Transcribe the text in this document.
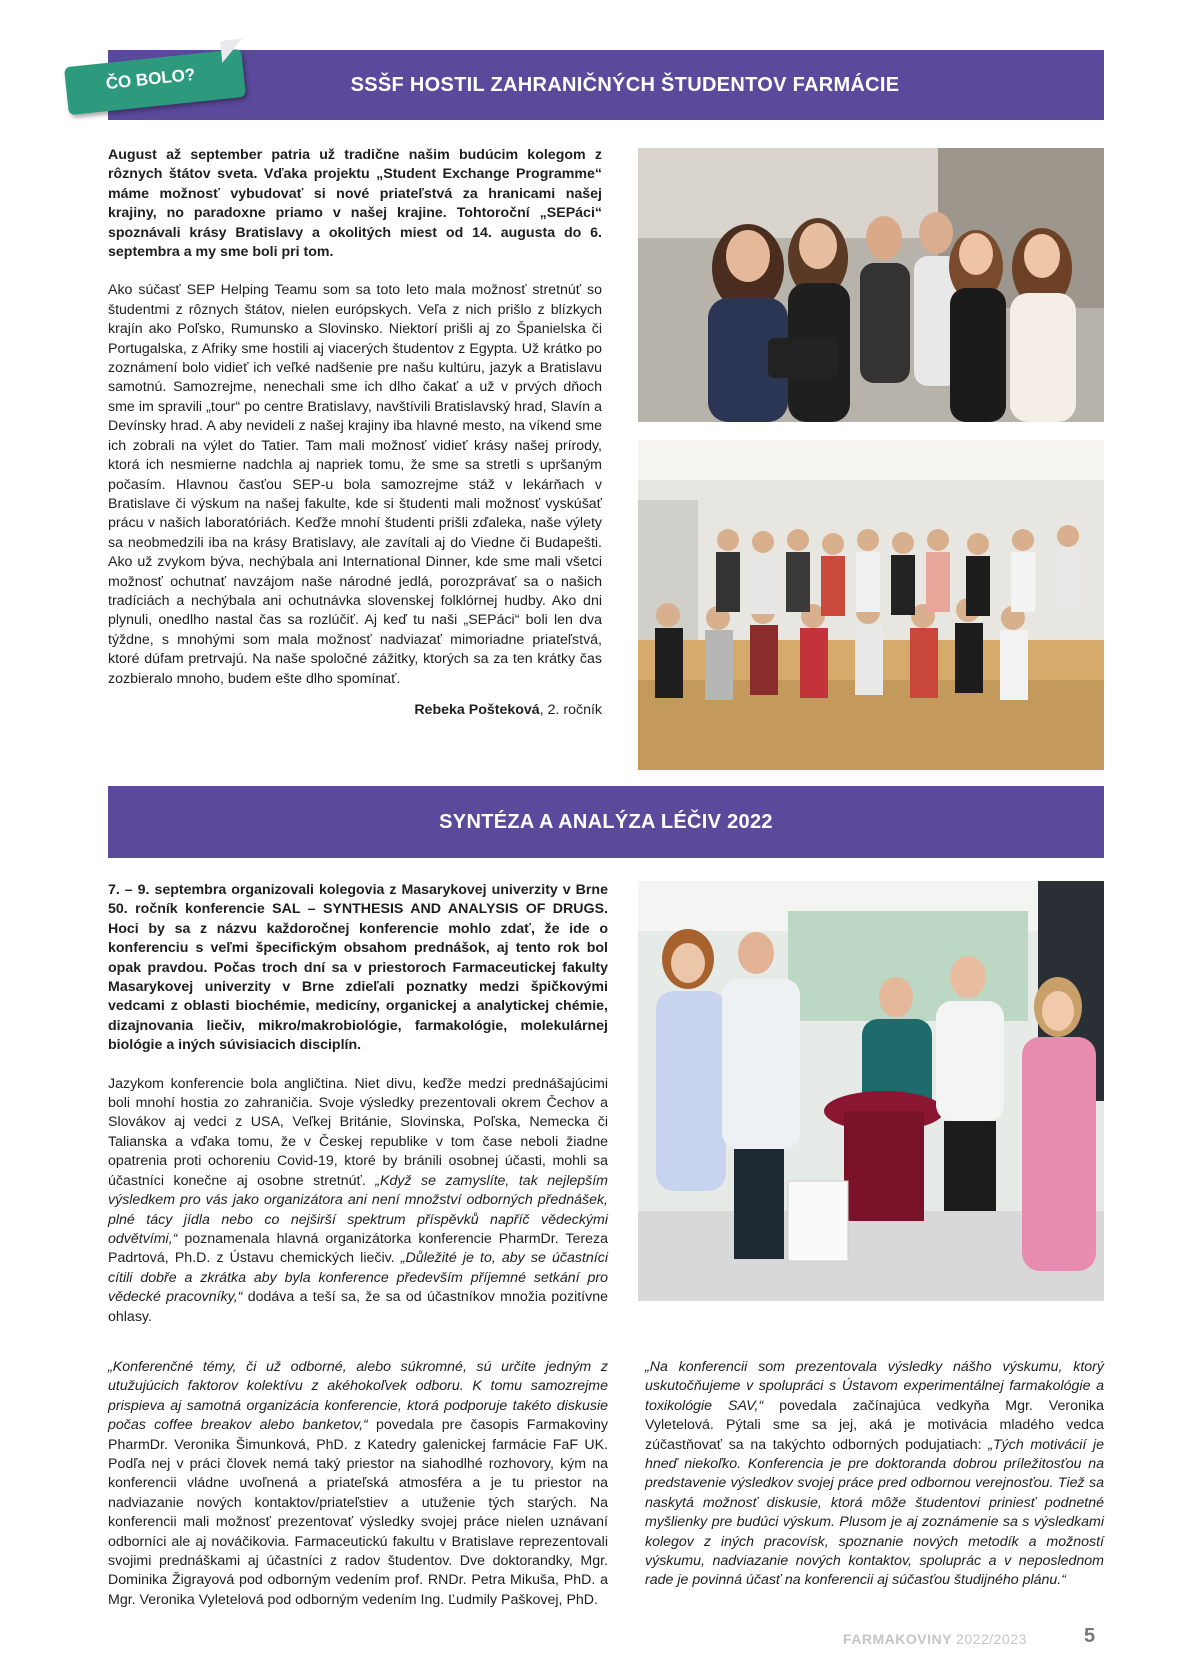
SSŠF HOSTIL ZAHRANIČNÝCH ŠTUDENTOV FARMÁCIE
ČO BOLO?

August až september patria už tradične našim budúcim kolegom z rôznych štátov sveta. Vďaka projektu „Student Exchange Programme“ máme možnosť vybudovať si nové priateľstvá za hranicami našej krajiny, no paradoxne priamo v našej krajine. Tohtoroční „SEPáci“ spoznávali krásy Bratislavy a okolitých miest od 14. augusta do 6. septembra a my sme boli pri tom.

Ako súčasť SEP Helping Teamu som sa toto leto mala možnosť stretnúť so študentmi z rôznych štátov, nielen európskych. Veľa z nich prišlo z blízkych krajín ako Poľsko, Rumunsko a Slovinsko. Niektorí prišli aj zo Španielska či Portugalska, z Afriky sme hostili aj viacerých študentov z Egypta. Už krátko po zoznámení bolo vidieť ich veľké nadšenie pre našu kultúru, jazyk a Bratislavu samotnú. Samozrejme, nenechali sme ich dlho čakať a už v prvých dňoch sme im spravili „tour“ po centre Bratislavy, navštívili Bratislavský hrad, Slavín a Devínsky hrad. A aby nevideli z našej krajiny iba hlavné mesto, na víkend sme ich zobrali na výlet do Tatier. Tam mali možnosť vidieť krásy našej prírody, ktorá ich nesmierne nadchla aj napriek tomu, že sme sa stretli s upršaným počasím. Hlavnou časťou SEP-u bola samozrejme stáž v lekárňach v Bratislave či výskum na našej fakulte, kde si študenti mali možnosť vyskúšať prácu v našich laboratóriách. Keďže mnohí študenti prišli zďaleka, naše výlety sa neobmedzili iba na krásy Bratislavy, ale zavítali aj do Viedne či Budapešti. Ako už zvykom býva, nechýbala ani International Dinner, kde sme mali všetci možnosť ochutnať navzájom naše národné jedlá, porozprávať sa o našich tradíciách a nechýbala ani ochutnávka slovenskej folklórnej hudby. Ako dni plynuli, onedlho nastal čas sa rozlúčiť. Aj keď tu naši „SEPáci“ boli len dva týždne, s mnohými som mala možnosť nadviazať mimoriadne priateľstvá, ktoré dúfam pretrvajú. Na naše spoločné zážitky, ktorých sa za ten krátky čas zozbieralo mnoho, budem ešte dlho spomínať.

Rebeka Pošteková, 2. ročník

SYNTÉZA A ANALÝZA LÉČIV 2022

7. – 9. septembra organizovali kolegovia z Masarykovej univerzity v Brne 50. ročník konferencie SAL – SYNTHESIS AND ANALYSIS OF DRUGS. Hoci by sa z názvu každoročnej konferencie mohlo zdať, že ide o konferenciu s veľmi špecifickým obsahom prednášok, aj tento rok bol opak pravdou. Počas troch dní sa v priestoroch Farmaceutickej fakulty Masarykovej univerzity v Brne zdieľali poznatky medzi špičkovými vedcami z oblasti biochémie, medicíny, organickej a analytickej chémie, dizajnovania liečiv, mikro/makrobiológie, farmakológie, molekulárnej biológie a iných súvisiacich disciplín.

Jazykom konferencie bola angličtina. Niet divu, keďže medzi prednášajúcimi boli mnohí hostia zo zahraničia. Svoje výsledky prezentovali okrem Čechov a Slovákov aj vedci z USA, Veľkej Británie, Slovinska, Poľska, Nemecka či Talianska a vďaka tomu, že v Českej republike v tom čase neboli žiadne opatrenia proti ochoreniu Covid-19, ktoré by bránili osobnej účasti, mohli sa účastníci konečne aj osobne stretnúť. „Když se zamyslíte, tak nejlepším výsledkem pro vás jako organizátora ani není množství odborných přednášek, plné tácy jídla nebo co nejširší spektrum příspěvků napříč vědeckými odvětvími,“ poznamenala hlavná organizátorka konferencie PharmDr. Tereza Padrtová, Ph.D. z Ústavu chemických liečiv. „Důležité je to, aby se účastníci cítili dobře a zkrátka aby byla konference především příjemné setkání pro vědecké pracovníky,“ dodáva a teší sa, že sa od účastníkov množia pozitívne ohlasy.

„Konferenčné témy, či už odborné, alebo súkromné, sú určite jedným z utužujúcich faktorov kolektívu z akéhokoľvek odboru. K tomu samozrejme prispieva aj samotná organizácia konferencie, ktorá podporuje takéto diskusie počas coffee breakov alebo banketov,“ povedala pre časopis Farmakoviny PharmDr. Veronika Šimunková, PhD. z Katedry galenickej farmácie FaF UK. Podľa nej v práci človek nemá taký priestor na siahodlhé rozhovory, kým na konferencii vládne uvoľnená a priateľská atmosféra a je tu priestor na nadviazanie nových kontaktov/priateľstiev a utuženie tých starých. Na konferencii mali možnosť prezentovať výsledky svojej práce nielen uznávaní odborníci ale aj nováčikovia. Farmaceutickú fakultu v Bratislave reprezentovali svojimi prednáškami aj účastníci z radov študentov. Dve doktorandky, Mgr. Dominika Žigrayová pod odborným vedením prof. RNDr. Petra Mikuša, PhD. a Mgr. Veronika Vyletelová pod odborným vedením Ing. Ľudmily Paškovej, PhD.

„Na konferencii som prezentovala výsledky nášho výskumu, ktorý uskutočňujeme v spolupráci s Ústavom experimentálnej farmakológie a toxikológie SAV,“ povedala začínajúca vedkyňa Mgr. Veronika Vyletelová. Pýtali sme sa jej, aká je motivácia mladého vedca zúčastňovať sa na takýchto odborných podujatiach: „Tých motivácií je hneď niekoľko. Konferencia je pre doktoranda dobrou príležitosťou na predstavenie výsledkov svojej práce pred odbornou verejnosťou. Tiež sa naskytá možnosť diskusie, ktorá môže študentovi priniesť podnetné myšlienky pre budúci výskum. Plusom je aj zoznámenie sa s výsledkami kolegov z iných pracovísk, spoznanie nových metodík a možností výskumu, nadviazanie nových kontaktov, spoluprác a v neposlednom rade je povinná účasť na konferencii aj súčasťou študijného plánu.“

FARMAKOVINY 2022/2023	5
